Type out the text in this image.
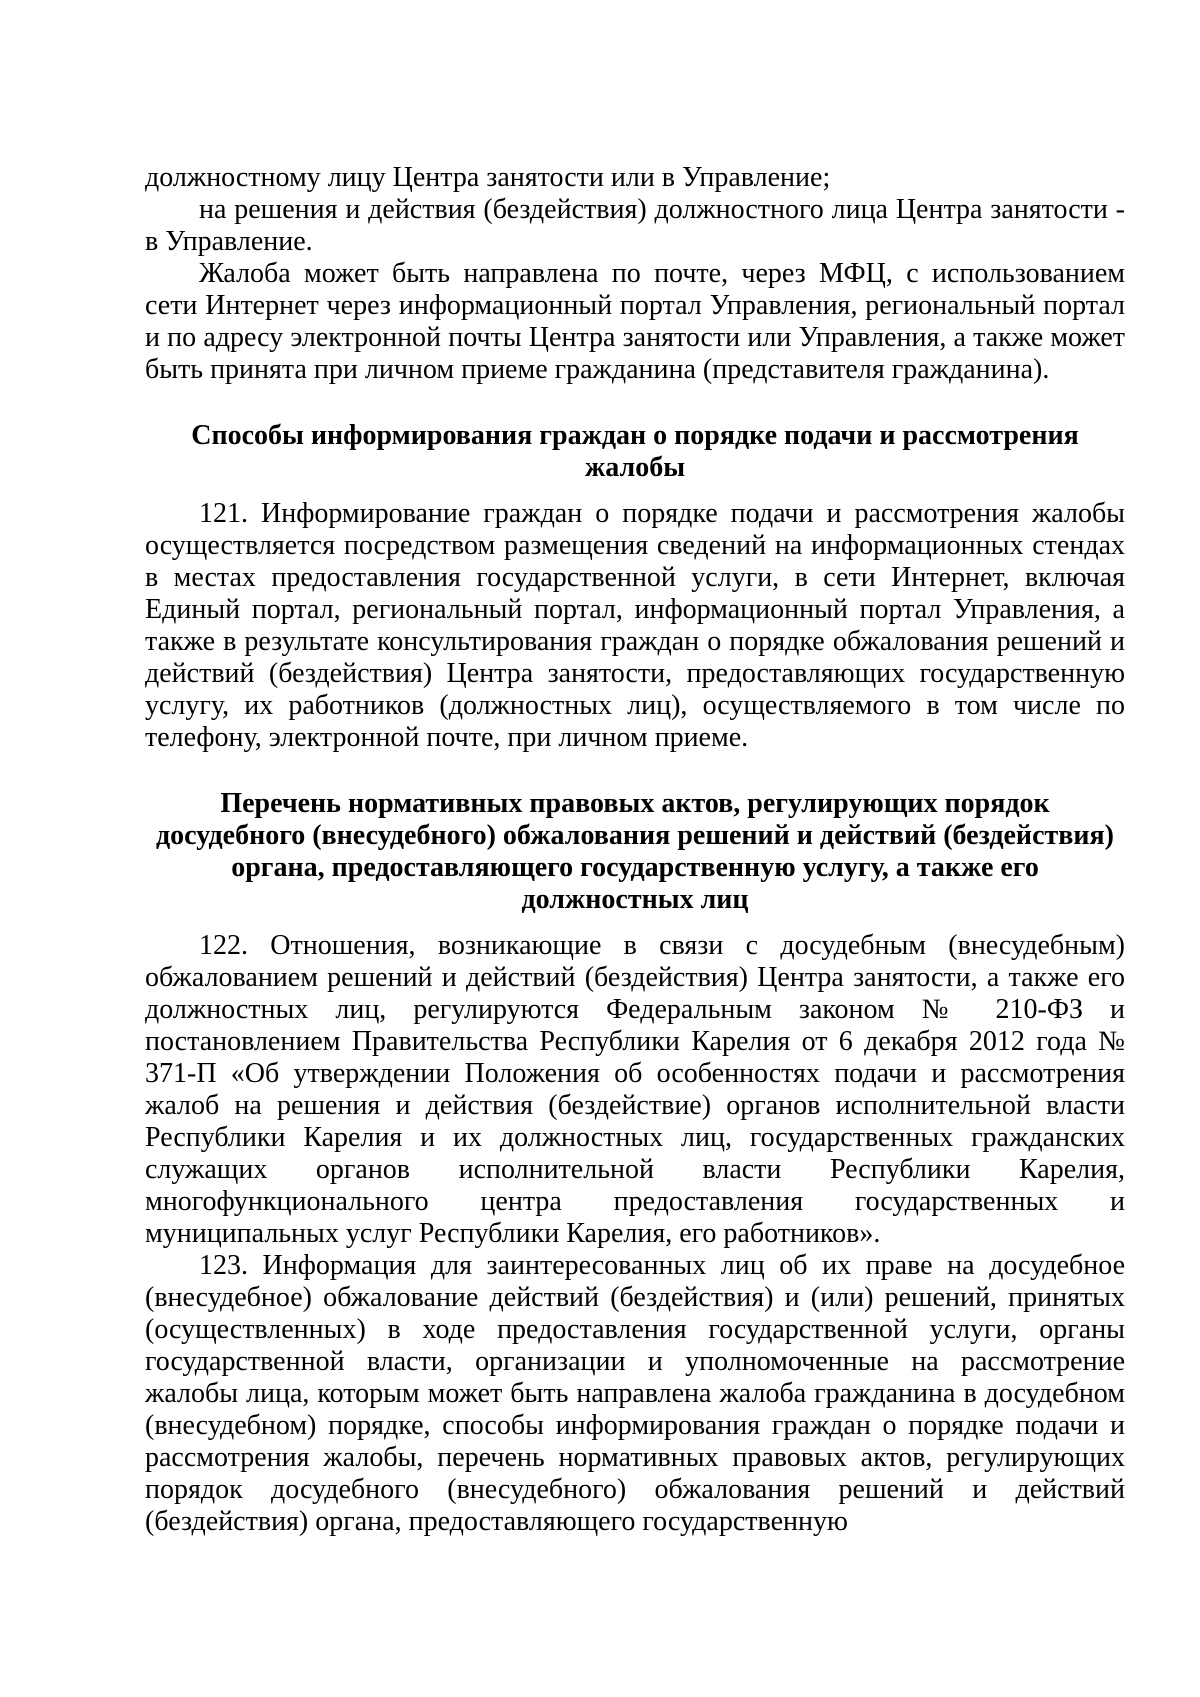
должностному лицу Центра занятости или в Управление;

на решения и действия (бездействия) должностного лица Центра занятости - в Управление.

Жалоба может быть направлена по почте, через МФЦ, с использованием сети Интернет через информационный портал Управления, региональный портал и по адресу электронной почты Центра занятости или Управления, а также может быть принята при личном приеме гражданина (представителя гражданина).

Способы информирования граждан о порядке подачи и рассмотрения жалобы

121. Информирование граждан о порядке подачи и рассмотрения жалобы осуществляется посредством размещения сведений на информационных стендах в местах предоставления государственной услуги, в сети Интернет, включая Единый портал, региональный портал, информационный портал Управления, а также в результате консультирования граждан о порядке обжалования решений и действий (бездействия) Центра занятости, предоставляющих государственную услугу, их работников (должностных лиц), осуществляемого в том числе по телефону, электронной почте, при личном приеме.

Перечень нормативных правовых актов, регулирующих порядок досудебного (внесудебного) обжалования решений и действий (бездействия) органа, предоставляющего государственную услугу, а также его должностных лиц

122. Отношения, возникающие в связи с досудебным (внесудебным) обжалованием решений и действий (бездействия) Центра занятости, а также его должностных лиц, регулируются Федеральным законом № 210-ФЗ и постановлением Правительства Республики Карелия от 6 декабря 2012 года № 371-П «Об утверждении Положения об особенностях подачи и рассмотрения жалоб на решения и действия (бездействие) органов исполнительной власти Республики Карелия и их должностных лиц, государственных гражданских служащих органов исполнительной власти Республики Карелия, многофункционального центра предоставления государственных и муниципальных услуг Республики Карелия, его работников».

123. Информация для заинтересованных лиц об их праве на досудебное (внесудебное) обжалование действий (бездействия) и (или) решений, принятых (осуществленных) в ходе предоставления государственной услуги, органы государственной власти, организации и уполномоченные на рассмотрение жалобы лица, которым может быть направлена жалоба гражданина в досудебном (внесудебном) порядке, способы информирования граждан о порядке подачи и рассмотрения жалобы, перечень нормативных правовых актов, регулирующих порядок досудебного (внесудебного) обжалования решений и действий (бездействия) органа, предоставляющего государственную
